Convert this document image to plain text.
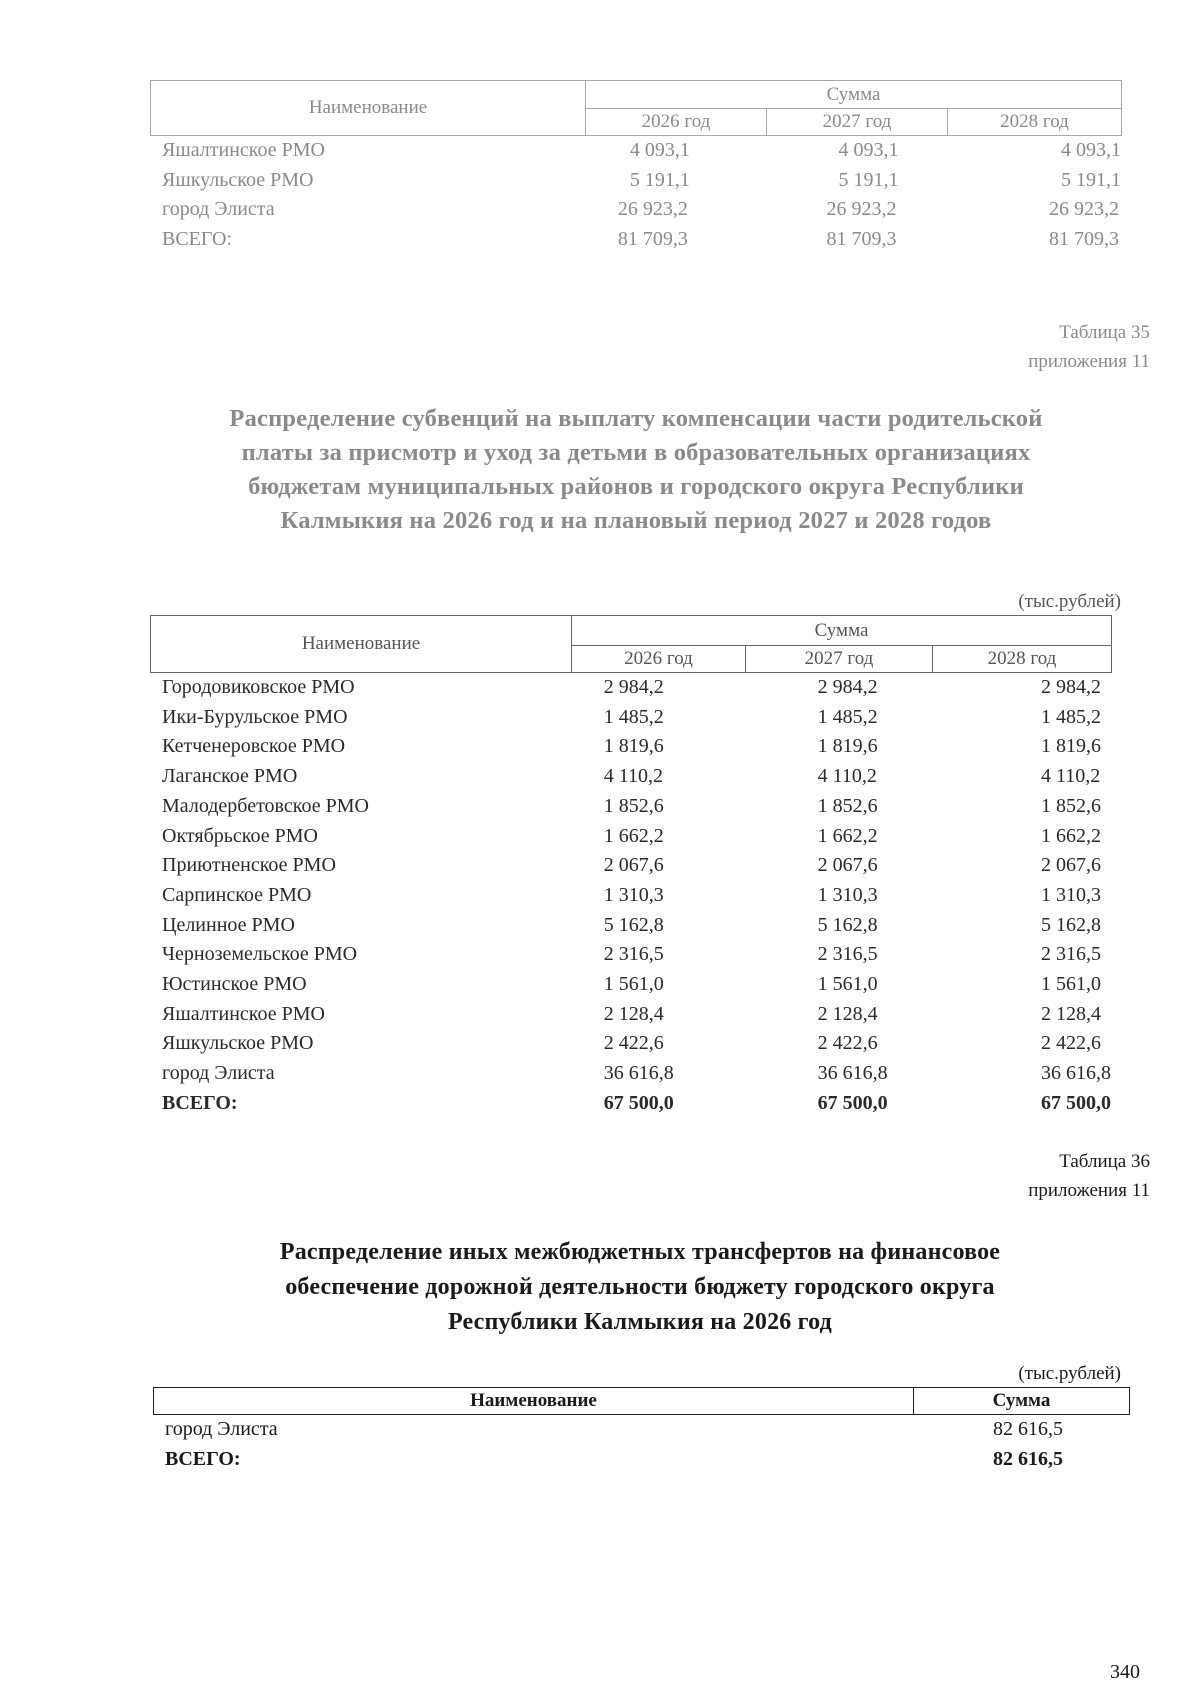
Наименование	Сумма		
	2026 год	2027 год	2028 год
Яшалтинское РМО	4 093,1	4 093,1	4 093,1
Яшкульское РМО	5 191,1	5 191,1	5 191,1
город Элиста	26 923,2	26 923,2	26 923,2
ВСЕГО:	81 709,3	81 709,3	81 709,3
Таблица 35
приложения 11
Распределение субвенций на выплату компенсации части родительской
платы за присмотр и уход за детьми в образовательных организациях
бюджетам муниципальных районов и городского округа Республики
Калмыкия на 2026 год и на плановый период 2027 и 2028 годов
(тыс.рублей)
Наименование	Сумма		
	2026 год	2027 год	2028 год
Городовиковское РМО	2 984,2	2 984,2	2 984,2
Ики-Бурульское РМО	1 485,2	1 485,2	1 485,2
Кетченеровское РМО	1 819,6	1 819,6	1 819,6
Лаганское РМО	4 110,2	4 110,2	4 110,2
Малодербетовское РМО	1 852,6	1 852,6	1 852,6
Октябрьское РМО	1 662,2	1 662,2	1 662,2
Приютненское РМО	2 067,6	2 067,6	2 067,6
Сарпинское РМО	1 310,3	1 310,3	1 310,3
Целинное РМО	5 162,8	5 162,8	5 162,8
Черноземельское РМО	2 316,5	2 316,5	2 316,5
Юстинское РМО	1 561,0	1 561,0	1 561,0
Яшалтинское РМО	2 128,4	2 128,4	2 128,4
Яшкульское РМО	2 422,6	2 422,6	2 422,6
город Элиста	36 616,8	36 616,8	36 616,8
ВСЕГО:	67 500,0	67 500,0	67 500,0
Таблица 36
приложения 11
Распределение иных межбюджетных трансфертов на финансовое
обеспечение дорожной деятельности бюджету городского округа
Республики Калмыкия на 2026 год
(тыс.рублей)
Наименование	Сумма
город Элиста	82 616,5
ВСЕГО:	82 616,5
340
